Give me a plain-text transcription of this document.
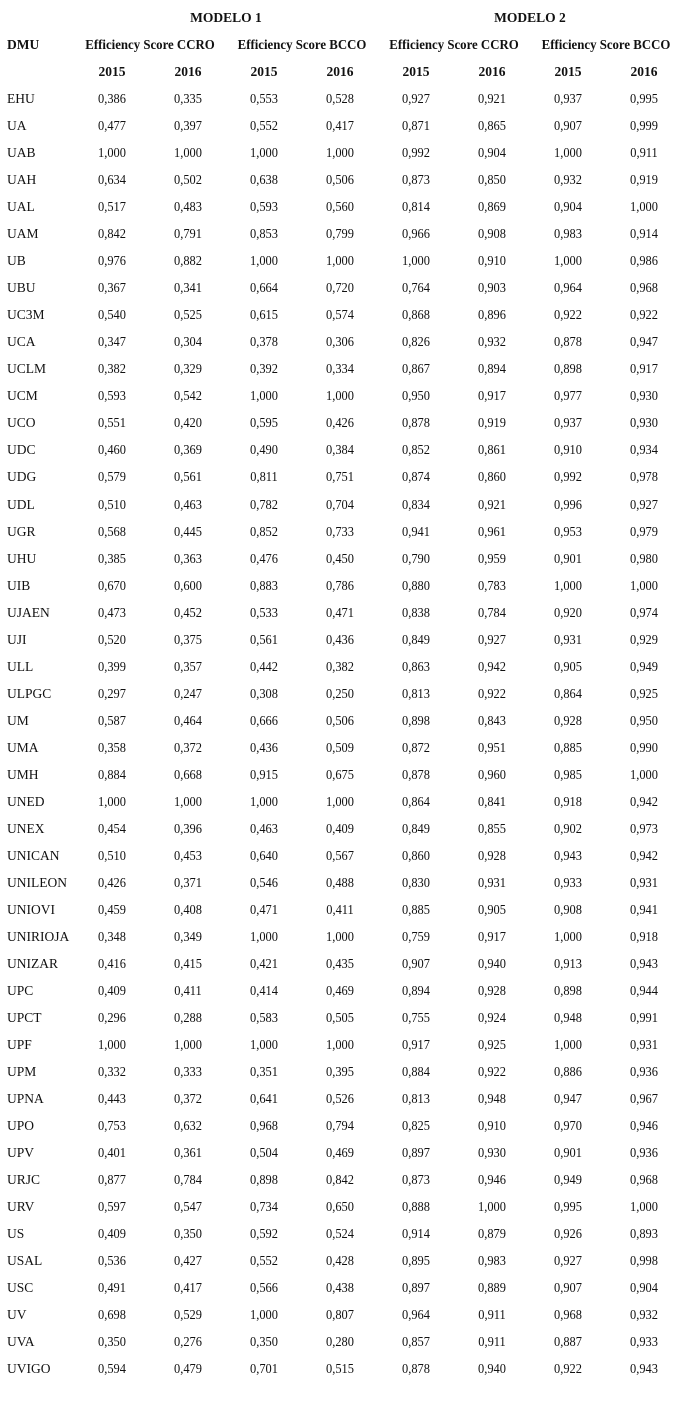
MODELO 1	MODELO 2
DMU	Efficiency Score CCRO	Efficiency Score BCCO	Efficiency Score CCRO	Efficiency Score BCCO
2015	2016	2015	2016	2015	2016	2015	2016
EHU	0,386	0,335	0,553	0,528	0,927	0,921	0,937	0,995
UA	0,477	0,397	0,552	0,417	0,871	0,865	0,907	0,999
UAB	1,000	1,000	1,000	1,000	0,992	0,904	1,000	0,911
UAH	0,634	0,502	0,638	0,506	0,873	0,850	0,932	0,919
UAL	0,517	0,483	0,593	0,560	0,814	0,869	0,904	1,000
UAM	0,842	0,791	0,853	0,799	0,966	0,908	0,983	0,914
UB	0,976	0,882	1,000	1,000	1,000	0,910	1,000	0,986
UBU	0,367	0,341	0,664	0,720	0,764	0,903	0,964	0,968
UC3M	0,540	0,525	0,615	0,574	0,868	0,896	0,922	0,922
UCA	0,347	0,304	0,378	0,306	0,826	0,932	0,878	0,947
UCLM	0,382	0,329	0,392	0,334	0,867	0,894	0,898	0,917
UCM	0,593	0,542	1,000	1,000	0,950	0,917	0,977	0,930
UCO	0,551	0,420	0,595	0,426	0,878	0,919	0,937	0,930
UDC	0,460	0,369	0,490	0,384	0,852	0,861	0,910	0,934
UDG	0,579	0,561	0,811	0,751	0,874	0,860	0,992	0,978
UDL	0,510	0,463	0,782	0,704	0,834	0,921	0,996	0,927
UGR	0,568	0,445	0,852	0,733	0,941	0,961	0,953	0,979
UHU	0,385	0,363	0,476	0,450	0,790	0,959	0,901	0,980
UIB	0,670	0,600	0,883	0,786	0,880	0,783	1,000	1,000
UJAEN	0,473	0,452	0,533	0,471	0,838	0,784	0,920	0,974
UJI	0,520	0,375	0,561	0,436	0,849	0,927	0,931	0,929
ULL	0,399	0,357	0,442	0,382	0,863	0,942	0,905	0,949
ULPGC	0,297	0,247	0,308	0,250	0,813	0,922	0,864	0,925
UM	0,587	0,464	0,666	0,506	0,898	0,843	0,928	0,950
UMA	0,358	0,372	0,436	0,509	0,872	0,951	0,885	0,990
UMH	0,884	0,668	0,915	0,675	0,878	0,960	0,985	1,000
UNED	1,000	1,000	1,000	1,000	0,864	0,841	0,918	0,942
UNEX	0,454	0,396	0,463	0,409	0,849	0,855	0,902	0,973
UNICAN	0,510	0,453	0,640	0,567	0,860	0,928	0,943	0,942
UNILEON	0,426	0,371	0,546	0,488	0,830	0,931	0,933	0,931
UNIOVI	0,459	0,408	0,471	0,411	0,885	0,905	0,908	0,941
UNIRIOJA	0,348	0,349	1,000	1,000	0,759	0,917	1,000	0,918
UNIZAR	0,416	0,415	0,421	0,435	0,907	0,940	0,913	0,943
UPC	0,409	0,411	0,414	0,469	0,894	0,928	0,898	0,944
UPCT	0,296	0,288	0,583	0,505	0,755	0,924	0,948	0,991
UPF	1,000	1,000	1,000	1,000	0,917	0,925	1,000	0,931
UPM	0,332	0,333	0,351	0,395	0,884	0,922	0,886	0,936
UPNA	0,443	0,372	0,641	0,526	0,813	0,948	0,947	0,967
UPO	0,753	0,632	0,968	0,794	0,825	0,910	0,970	0,946
UPV	0,401	0,361	0,504	0,469	0,897	0,930	0,901	0,936
URJC	0,877	0,784	0,898	0,842	0,873	0,946	0,949	0,968
URV	0,597	0,547	0,734	0,650	0,888	1,000	0,995	1,000
US	0,409	0,350	0,592	0,524	0,914	0,879	0,926	0,893
USAL	0,536	0,427	0,552	0,428	0,895	0,983	0,927	0,998
USC	0,491	0,417	0,566	0,438	0,897	0,889	0,907	0,904
UV	0,698	0,529	1,000	0,807	0,964	0,911	0,968	0,932
UVA	0,350	0,276	0,350	0,280	0,857	0,911	0,887	0,933
UVIGO	0,594	0,479	0,701	0,515	0,878	0,940	0,922	0,943
